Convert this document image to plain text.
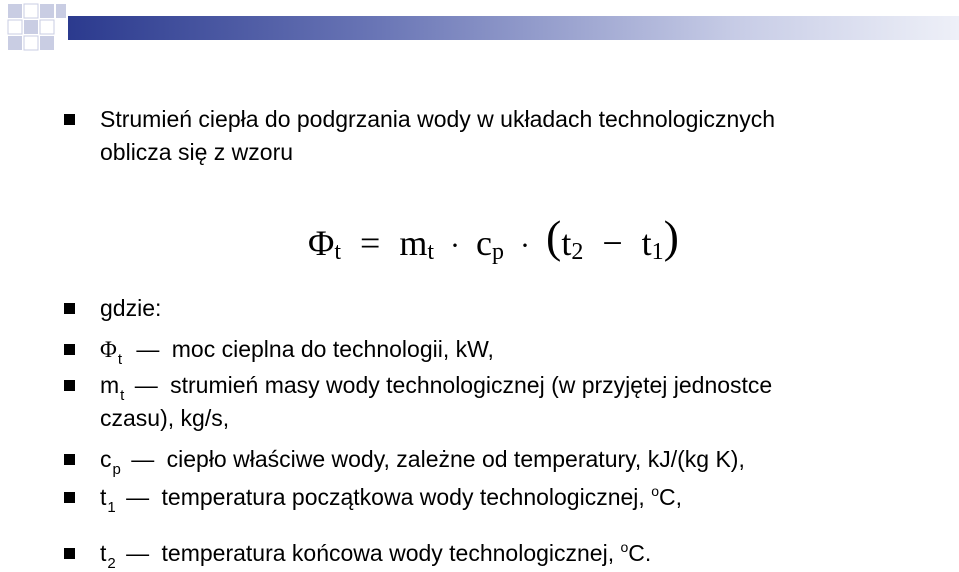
Strumień ciepła do podgrzania wody w układach technologicznych
oblicza się z wzoru
Φt = mt · cp · (t2 − t1)
gdzie:
$\Phi_t$ — moc cieplna do technologii, kW,
$m_t$ — strumień masy wody technologicznej (w przyjętej jednostce
czasu), kg/s,
$c_p$ — ciepło właściwe wody, zależne od temperatury, kJ/(kg K),
$t_1$ — temperatura początkowa wody technologicznej, $^o$C,
$t_2$ — temperatura końcowa wody technologicznej, $^o$C.
